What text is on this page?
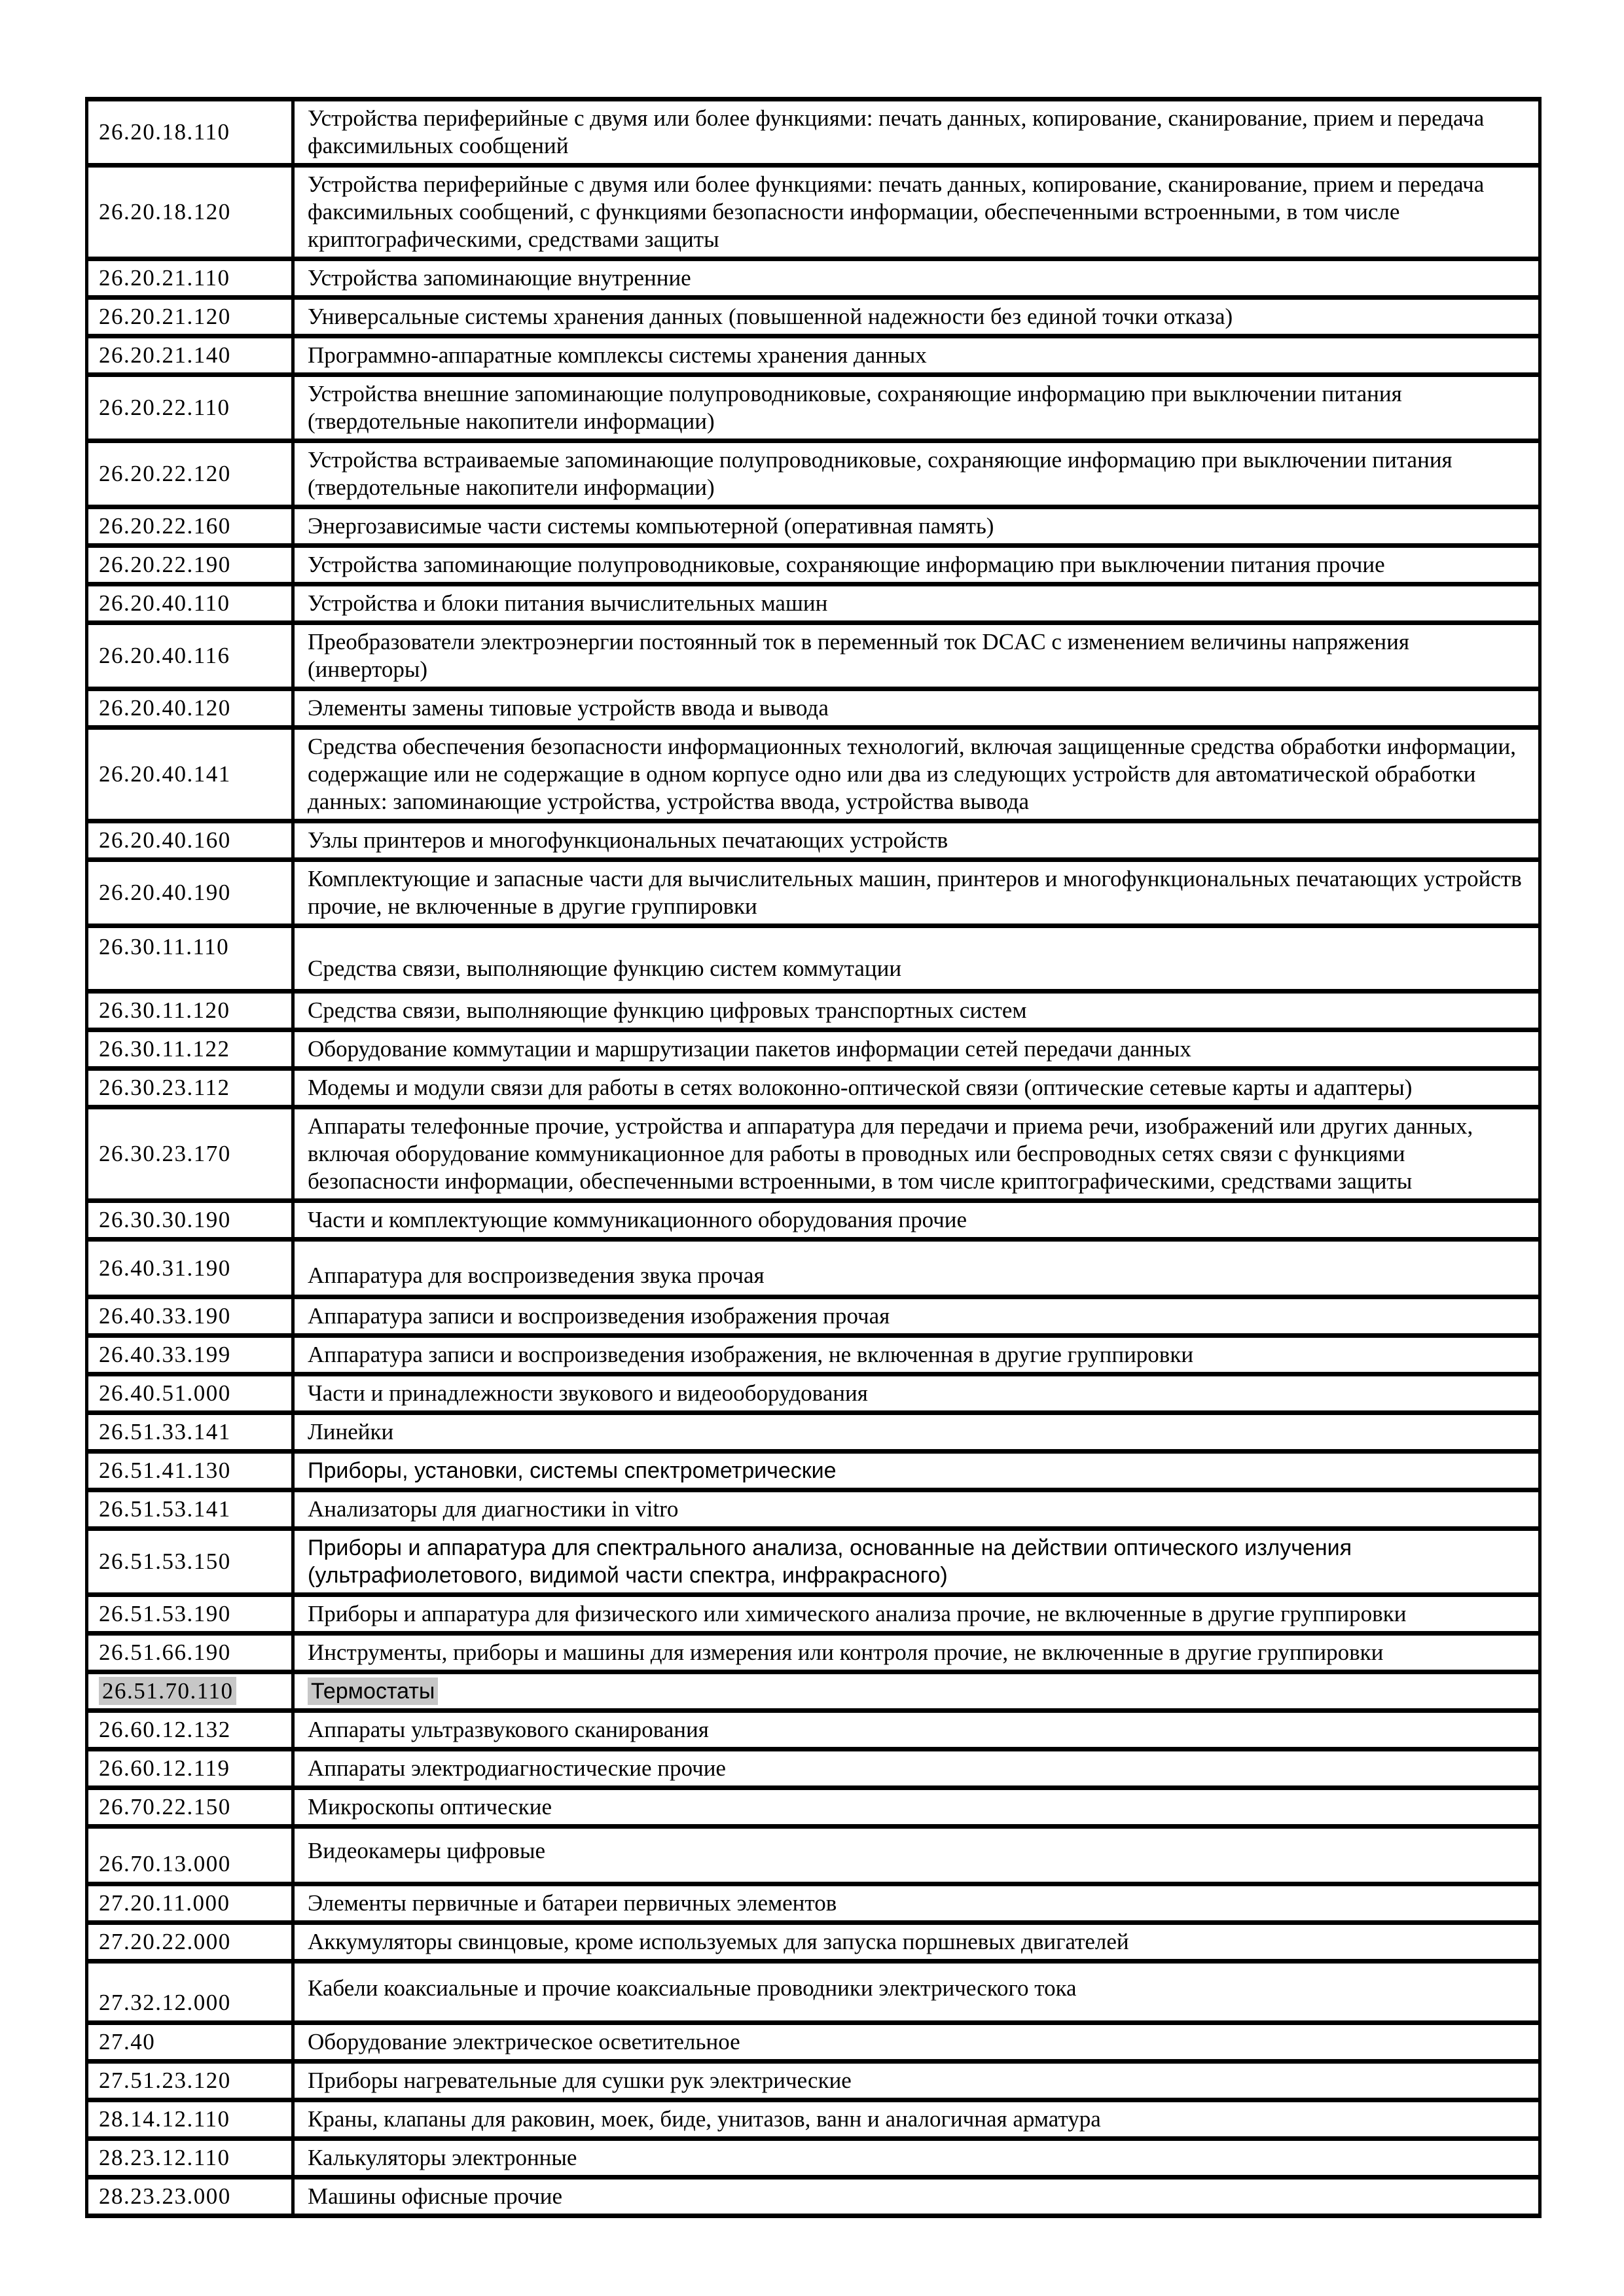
26.20.18.110	Устройства периферийные с двумя или более функциями: печать данных, копирование, сканирование, прием и передача факсимильных сообщений
26.20.18.120	Устройства периферийные с двумя или более функциями: печать данных, копирование, сканирование, прием и передача факсимильных сообщений, с функциями безопасности информации, обеспеченными встроенными, в том числе криптографическими, средствами защиты
26.20.21.110	Устройства запоминающие внутренние
26.20.21.120	Универсальные системы хранения данных (повышенной надежности без единой точки отказа)
26.20.21.140	Программно-аппаратные комплексы системы хранения данных
26.20.22.110	Устройства внешние запоминающие полупроводниковые, сохраняющие информацию при выключении питания (твердотельные накопители информации)
26.20.22.120	Устройства встраиваемые запоминающие полупроводниковые, сохраняющие информацию при выключении питания (твердотельные накопители информации)
26.20.22.160	Энергозависимые части системы компьютерной (оперативная память)
26.20.22.190	Устройства запоминающие полупроводниковые, сохраняющие информацию при выключении питания прочие
26.20.40.110	Устройства и блоки питания вычислительных машин
26.20.40.116	Преобразователи электроэнергии постоянный ток в переменный ток DCAC с изменением величины напряжения (инверторы)
26.20.40.120	Элементы замены типовые устройств ввода и вывода
26.20.40.141	Средства обеспечения безопасности информационных технологий, включая защищенные средства обработки информации, содержащие или не содержащие в одном корпусе одно или два из следующих устройств для автоматической обработки данных: запоминающие устройства, устройства ввода, устройства вывода
26.20.40.160	Узлы принтеров и многофункциональных печатающих устройств
26.20.40.190	Комплектующие и запасные части для вычислительных машин, принтеров и многофункциональных печатающих устройств прочие, не включенные в другие группировки
26.30.11.110	Средства связи, выполняющие функцию систем коммутации
26.30.11.120	Средства связи, выполняющие функцию цифровых транспортных систем
26.30.11.122	Оборудование коммутации и маршрутизации пакетов информации сетей передачи данных
26.30.23.112	Модемы и модули связи для работы в сетях волоконно-оптической связи (оптические сетевые карты и адаптеры)
26.30.23.170	Аппараты телефонные прочие, устройства и аппаратура для передачи и приема речи, изображений или других данных, включая оборудование коммуникационное для работы в проводных или беспроводных сетях связи с функциями безопасности информации, обеспеченными встроенными, в том числе криптографическими, средствами защиты
26.30.30.190	Части и комплектующие коммуникационного оборудования прочие
26.40.31.190	Аппаратура для воспроизведения звука прочая
26.40.33.190	Аппаратура записи и воспроизведения изображения прочая
26.40.33.199	Аппаратура записи и воспроизведения изображения, не включенная в другие группировки
26.40.51.000	Части и принадлежности звукового и видеооборудования
26.51.33.141	Линейки
26.51.41.130	Приборы, установки, системы спектрометрические
26.51.53.141	Анализаторы для диагностики in vitro
26.51.53.150	Приборы и аппаратура для спектрального анализа, основанные на действии оптического излучения (ультрафиолетового, видимой части спектра, инфракрасного)
26.51.53.190	Приборы и аппаратура для физического или химического анализа прочие, не включенные в другие группировки
26.51.66.190	Инструменты, приборы и машины для измерения или контроля прочие, не включенные в другие группировки
26.51.70.110	Термостаты
26.60.12.132	Аппараты ультразвукового сканирования
26.60.12.119	Аппараты электродиагностические прочие
26.70.22.150	Микроскопы оптические
26.70.13.000	Видеокамеры цифровые
27.20.11.000	Элементы первичные и батареи первичных элементов
27.20.22.000	Аккумуляторы свинцовые, кроме используемых для запуска поршневых двигателей
27.32.12.000	Кабели коаксиальные и прочие коаксиальные проводники электрического тока
27.40	Оборудование электрическое осветительное
27.51.23.120	Приборы нагревательные для сушки рук электрические
28.14.12.110	Краны, клапаны для раковин, моек, биде, унитазов, ванн и аналогичная арматура
28.23.12.110	Калькуляторы электронные
28.23.23.000	Машины офисные прочие
